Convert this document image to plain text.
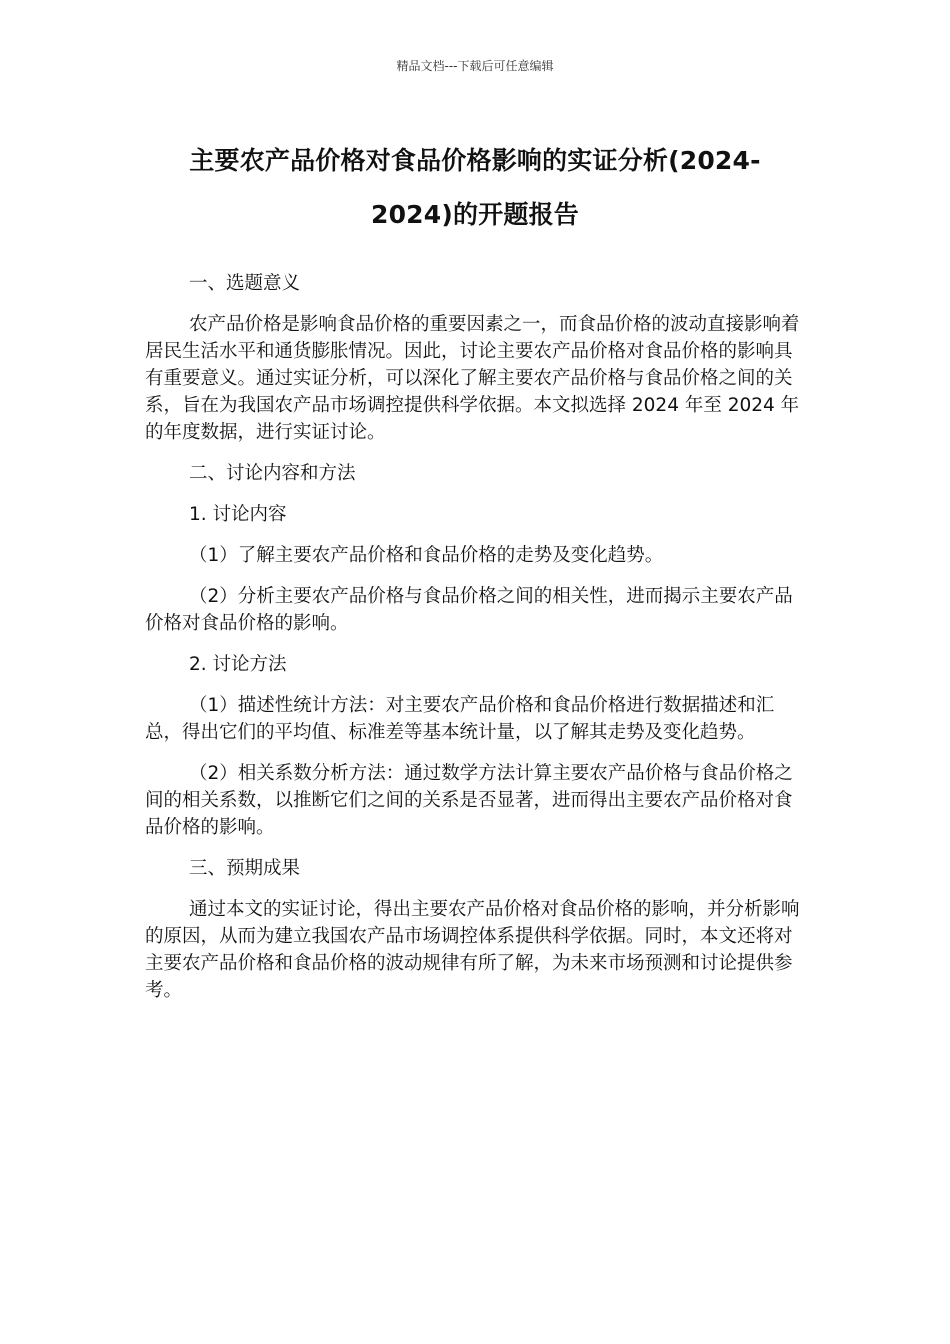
精品文档---下载后可任意编辑
主要农产品价格对食品价格影响的实证分析(2024-2024)的开题报告

一、选题意义

农产品价格是影响食品价格的重要因素之一，而食品价格的波动直接影响着居民生活水平和通货膨胀情况。因此，讨论主要农产品价格对食品价格的影响具有重要意义。通过实证分析，可以深化了解主要农产品价格与食品价格之间的关系，旨在为我国农产品市场调控提供科学依据。本文拟选择 2024 年至 2024 年的年度数据，进行实证讨论。

二、讨论内容和方法

1. 讨论内容

（1）了解主要农产品价格和食品价格的走势及变化趋势。

（2）分析主要农产品价格与食品价格之间的相关性，进而揭示主要农产品价格对食品价格的影响。

2. 讨论方法

（1）描述性统计方法：对主要农产品价格和食品价格进行数据描述和汇总，得出它们的平均值、标准差等基本统计量，以了解其走势及变化趋势。

（2）相关系数分析方法：通过数学方法计算主要农产品价格与食品价格之间的相关系数，以推断它们之间的关系是否显著，进而得出主要农产品价格对食品价格的影响。

三、预期成果

通过本文的实证讨论，得出主要农产品价格对食品价格的影响，并分析影响的原因，从而为建立我国农产品市场调控体系提供科学依据。同时，本文还将对主要农产品价格和食品价格的波动规律有所了解，为未来市场预测和讨论提供参考。
